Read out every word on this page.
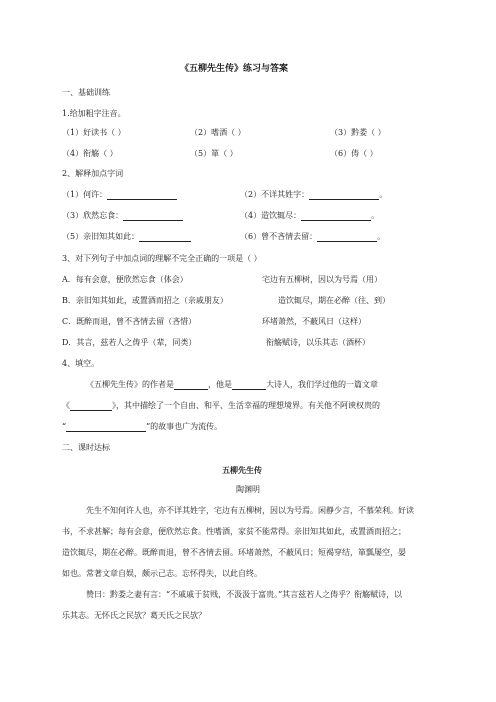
《五柳先生传》练习与答案
一、基础训练
1.给加粗字注音。
（1）好读书（ ）	（2）嗜酒（ ）	（3）黔娄（ ）
（4）衔觞（ ）	（5）箪（ ）	（6）俦（ ）
2、解释加点字词
（1）何许：	（2）不详其姓字：	。
（3）欣然忘食：	（4）造饮辄尽：	。
（5）亲旧知其如此：	（6）曾不吝情去留：	。
3、对下列句子中加点词的理解不完全正确的一项是（ ）
A．每有会意，便欣然忘食（体会）	宅边有五柳树，因以为号焉（用）
B．亲旧知其如此，或置酒而招之（亲戚朋友）	造饮辄尽，期在必醉（往、到）
C．既醉而退，曾不吝情去留（吝惜）	环堵萧然，不蔽风日（这样）
D．其言，兹若人之俦乎（辈，同类）	衔觞赋诗，以乐其志（酒杯）
4、填空。
《五柳先生传》的作者是	，他是	大诗人，我们学过他的一篇文章
《	》，其中描绘了一个自由、和平、生活幸福的理想境界。有关他不阿谀权贵的
“	”的故事也广为流传。
二、课时达标
五柳先生传
陶渊明
先生不知何许人也，亦不详其姓字，宅边有五柳树，因以为号焉。闲静少言，不慕荣利。好读
书，不求甚解；每有会意，便欣然忘食。性嗜酒，家贫不能常得。亲旧知其如此，或置酒而招之；
造饮辄尽，期在必醉。既醉而退，曾不吝情去留。环堵萧然，不蔽风日；短褐穿结，箪瓢屡空，晏
如也。常著文章自娱，颇示己志。忘怀得失，以此自终。
赞曰：黔娄之妻有言：“不戚戚于贫贱，不汲汲于富贵。”其言兹若人之俦乎？衔觞赋诗，以
乐其志。无怀氏之民欤？葛天氏之民欤？
